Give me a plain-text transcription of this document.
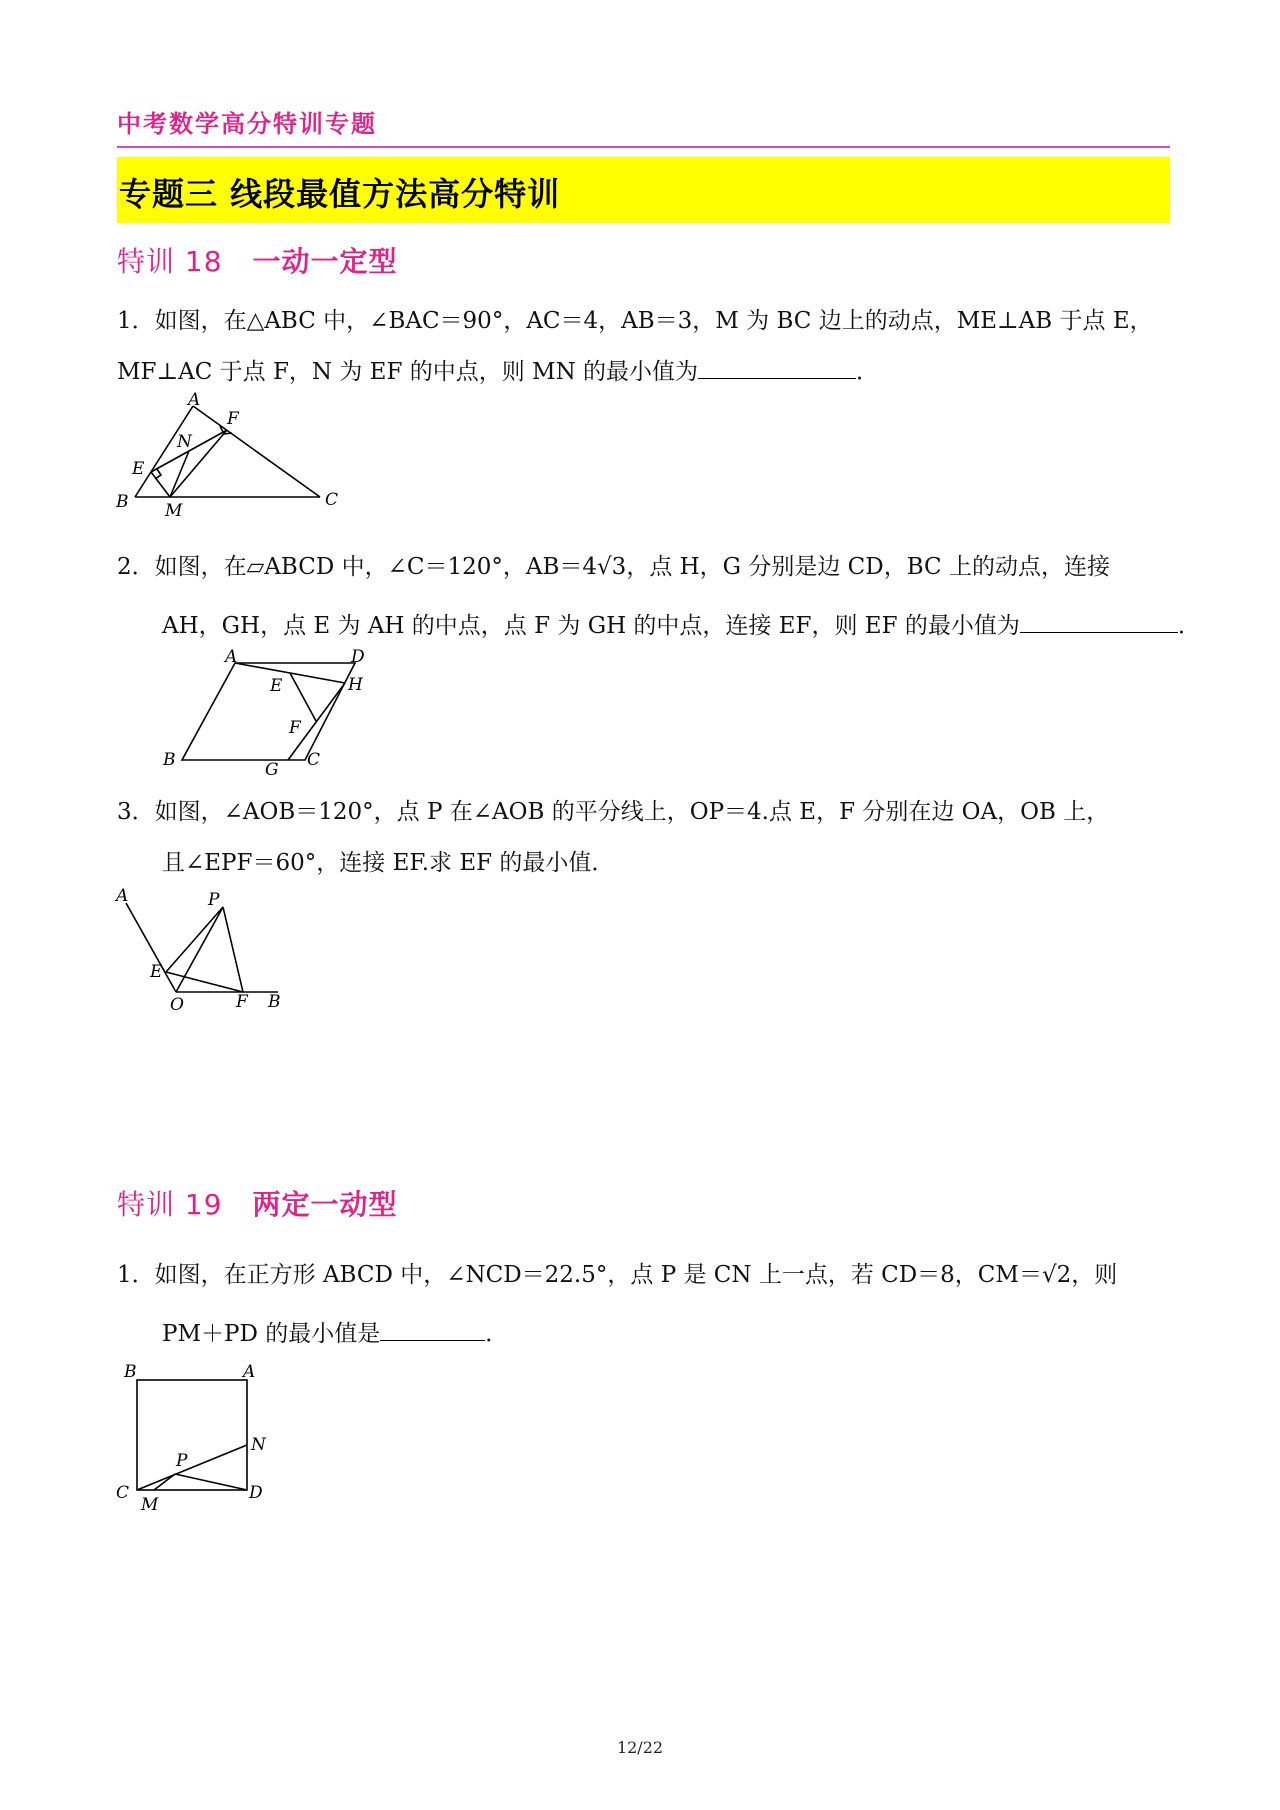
中考数学高分特训专题
专题三 线段最值方法高分特训
特训 18 一动一定型
1．如图，在△ABC 中，∠BAC＝90°，AC＝4，AB＝3，M 为 BC 边上的动点，ME⊥AB 于点 E，
MF⊥AC 于点 F，N 为 EF 的中点，则 MN 的最小值为	．
A
F
N
E
B M
C
2．如图，在▱ABCD 中，∠C＝120°，AB＝4√3，点 H，G 分别是边 CD，BC 上的动点，连接
AH，GH，点 E 为 AH 的中点，点 F 为 GH 的中点，连接 EF，则 EF 的最小值为	．
A	D
E	H
F
B	G C
3．如图，∠AOB＝120°，点 P 在∠AOB 的平分线上，OP＝4.点 E，F 分别在边 OA，OB 上，
且∠EPF＝60°，连接 EF.求 EF 的最小值．
A	P
E
O	F B
特训 19 两定一动型
1．如图，在正方形 ABCD 中，∠NCD＝22.5°，点 P 是 CN 上一点，若 CD＝8，CM＝√2，则
PM＋PD 的最小值是	．
B	A
N
P
C
M
D
12/22
